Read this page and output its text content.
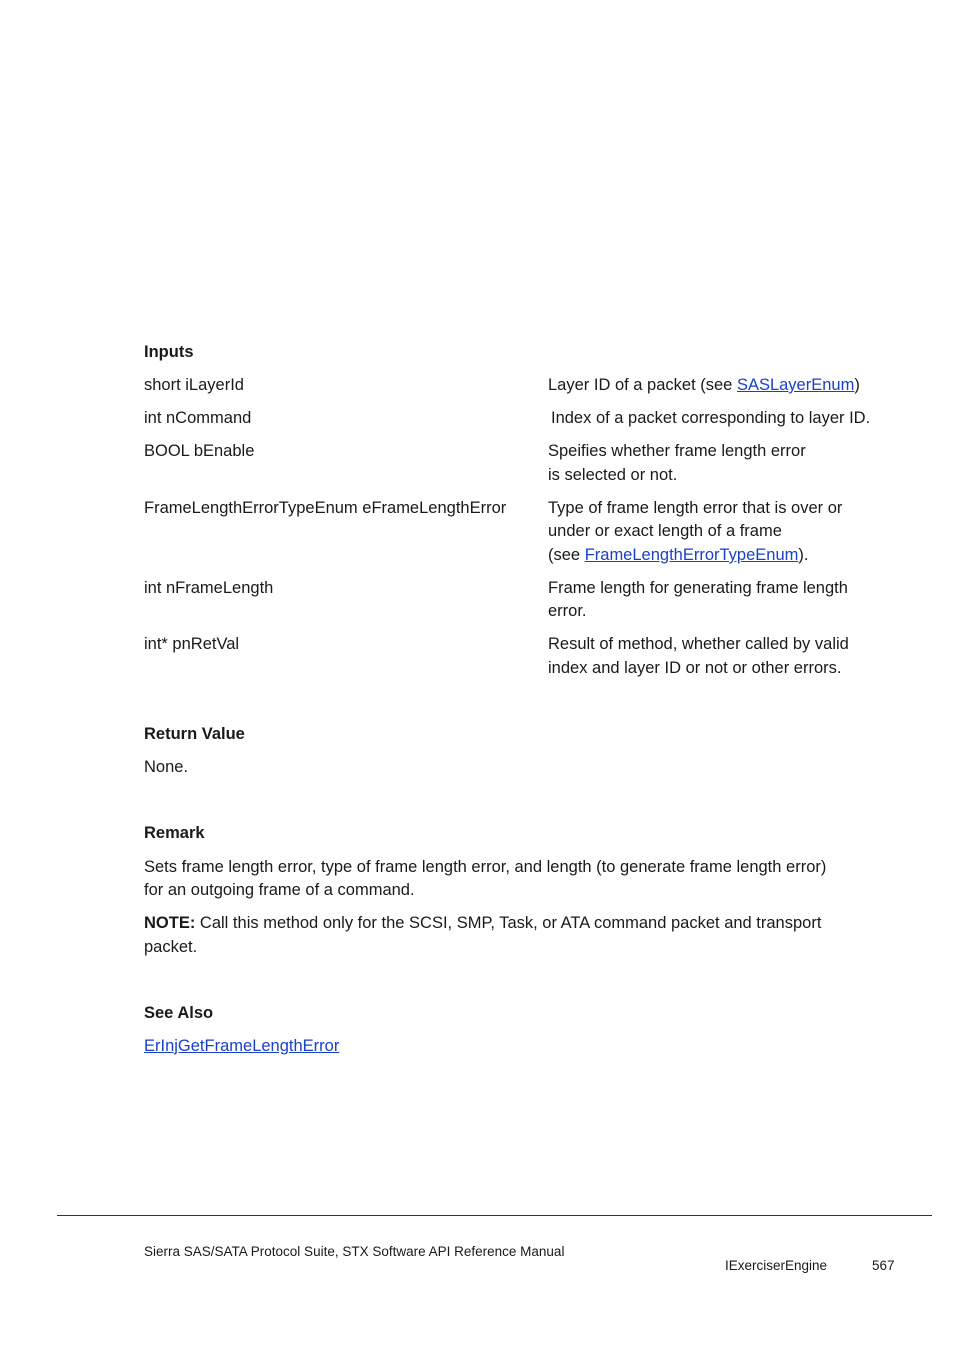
Inputs
short iLayerId	Layer ID of a packet (see SASLayerEnum)
int nCommand	Index of a packet corresponding to layer ID.
BOOL bEnable	Speifies whether frame length error
is selected or not.
FrameLengthErrorTypeEnum eFrameLengthError	Type of frame length error that is over or
under or exact length of a frame
(see FrameLengthErrorTypeEnum).
int nFrameLength	Frame length for generating frame length
error.
int* pnRetVal	Result of method, whether called by valid
index and layer ID or not or other errors.
Return Value
None.
Remark
Sets frame length error, type of frame length error, and length (to generate frame length error)
for an outgoing frame of a command.
NOTE: Call this method only for the SCSI, SMP, Task, or ATA command packet and transport
packet.
See Also
ErInjGetFrameLengthError
Sierra SAS/SATA Protocol Suite, STX Software API Reference Manual
IExerciserEngine	567
